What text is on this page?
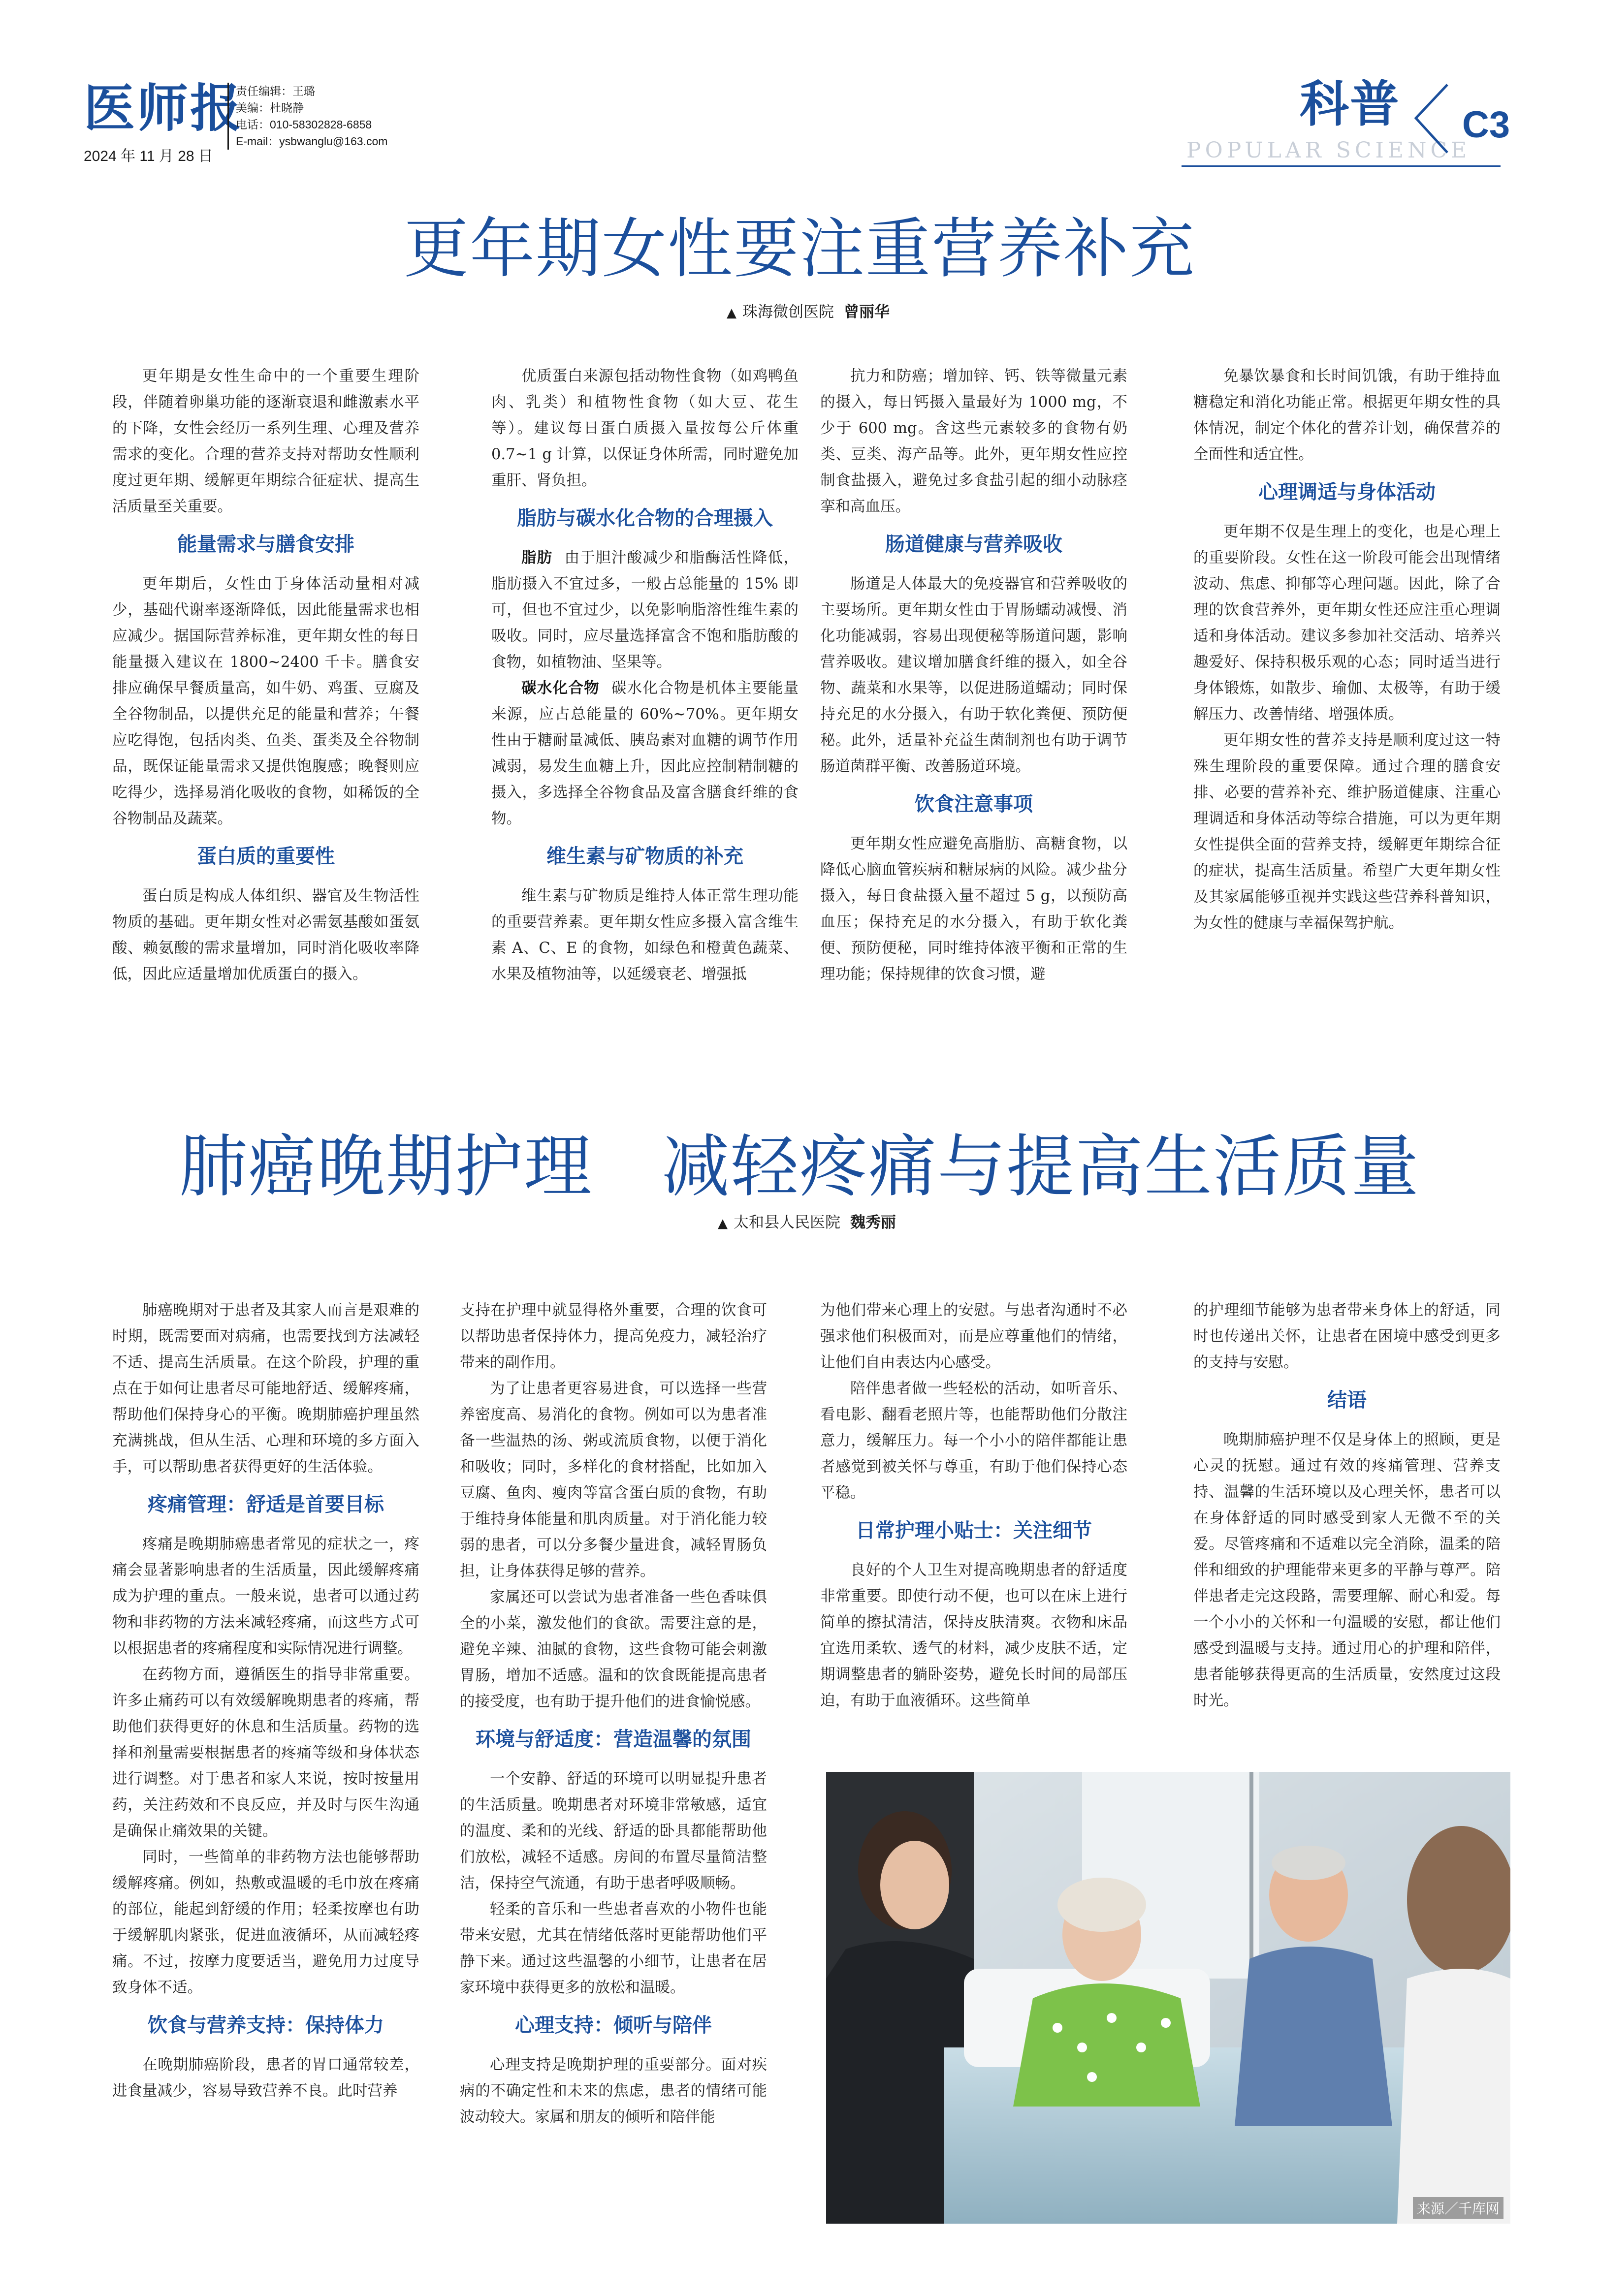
医师报
2024 年 11 月 28 日
责任编辑：王璐
美编：杜晓静
电话：010-58302828-6858
E-mail：ysbwanglu@163.com
科普
POPULAR SCIENCE
C3
更年期女性要注重营养补充
▲ 珠海微创医院 曾丽华

更年期是女性生命中的一个重要生理阶段，伴随着卵巢功能的逐渐衰退和雌激素水平的下降，女性会经历一系列生理、心理及营养需求的变化。合理的营养支持对帮助女性顺利度过更年期、缓解更年期综合征症状、提高生活质量至关重要。

能量需求与膳食安排

更年期后，女性由于身体活动量相对减少，基础代谢率逐渐降低，因此能量需求也相应减少。据国际营养标准，更年期女性的每日能量摄入建议在 1800~2400 千卡。膳食安排应确保早餐质量高，如牛奶、鸡蛋、豆腐及全谷物制品，以提供充足的能量和营养；午餐应吃得饱，包括肉类、鱼类、蛋类及全谷物制品，既保证能量需求又提供饱腹感；晚餐则应吃得少，选择易消化吸收的食物，如稀饭的全谷物制品及蔬菜。

蛋白质的重要性

蛋白质是构成人体组织、器官及生物活性物质的基础。更年期女性对必需氨基酸如蛋氨酸、赖氨酸的需求量增加，同时消化吸收率降低，因此应适量增加优质蛋白的摄入。

优质蛋白来源包括动物性食物（如鸡鸭鱼肉、乳类）和植物性食物（如大豆、花生等）。建议每日蛋白质摄入量按每公斤体重 0.7~1 g 计算，以保证身体所需，同时避免加重肝、肾负担。

脂肪与碳水化合物的合理摄入

脂肪 由于胆汁酸减少和脂酶活性降低，脂肪摄入不宜过多，一般占总能量的 15% 即可，但也不宜过少，以免影响脂溶性维生素的吸收。同时，应尽量选择富含不饱和脂肪酸的食物，如植物油、坚果等。

碳水化合物 碳水化合物是机体主要能量来源，应占总能量的 60%~70%。更年期女性由于糖耐量减低、胰岛素对血糖的调节作用减弱，易发生血糖上升，因此应控制精制糖的摄入，多选择全谷物食品及富含膳食纤维的食物。

维生素与矿物质的补充

维生素与矿物质是维持人体正常生理功能的重要营养素。更年期女性应多摄入富含维生素 A、C、E 的食物，如绿色和橙黄色蔬菜、水果及植物油等，以延缓衰老、增强抵

抗力和防癌；增加锌、钙、铁等微量元素的摄入，每日钙摄入量最好为 1000 mg，不少于 600 mg。含这些元素较多的食物有奶类、豆类、海产品等。此外，更年期女性应控制食盐摄入，避免过多食盐引起的细小动脉痉挛和高血压。

肠道健康与营养吸收

肠道是人体最大的免疫器官和营养吸收的主要场所。更年期女性由于胃肠蠕动减慢、消化功能减弱，容易出现便秘等肠道问题，影响营养吸收。建议增加膳食纤维的摄入，如全谷物、蔬菜和水果等，以促进肠道蠕动；同时保持充足的水分摄入，有助于软化粪便、预防便秘。此外，适量补充益生菌制剂也有助于调节肠道菌群平衡、改善肠道环境。

饮食注意事项

更年期女性应避免高脂肪、高糖食物，以降低心脑血管疾病和糖尿病的风险。减少盐分摄入，每日食盐摄入量不超过 5 g，以预防高血压；保持充足的水分摄入，有助于软化粪便、预防便秘，同时维持体液平衡和正常的生理功能；保持规律的饮食习惯，避

免暴饮暴食和长时间饥饿，有助于维持血糖稳定和消化功能正常。根据更年期女性的具体情况，制定个体化的营养计划，确保营养的全面性和适宜性。

心理调适与身体活动

更年期不仅是生理上的变化，也是心理上的重要阶段。女性在这一阶段可能会出现情绪波动、焦虑、抑郁等心理问题。因此，除了合理的饮食营养外，更年期女性还应注重心理调适和身体活动。建议多参加社交活动、培养兴趣爱好、保持积极乐观的心态；同时适当进行身体锻炼，如散步、瑜伽、太极等，有助于缓解压力、改善情绪、增强体质。

更年期女性的营养支持是顺利度过这一特殊生理阶段的重要保障。通过合理的膳食安排、必要的营养补充、维护肠道健康、注重心理调适和身体活动等综合措施，可以为更年期女性提供全面的营养支持，缓解更年期综合征的症状，提高生活质量。希望广大更年期女性及其家属能够重视并实践这些营养科普知识，为女性的健康与幸福保驾护航。

肺癌晚期护理　减轻疼痛与提高生活质量
▲ 太和县人民医院 魏秀丽

肺癌晚期对于患者及其家人而言是艰难的时期，既需要面对病痛，也需要找到方法减轻不适、提高生活质量。在这个阶段，护理的重点在于如何让患者尽可能地舒适、缓解疼痛，帮助他们保持身心的平衡。晚期肺癌护理虽然充满挑战，但从生活、心理和环境的多方面入手，可以帮助患者获得更好的生活体验。

疼痛管理：舒适是首要目标

疼痛是晚期肺癌患者常见的症状之一，疼痛会显著影响患者的生活质量，因此缓解疼痛成为护理的重点。一般来说，患者可以通过药物和非药物的方法来减轻疼痛，而这些方式可以根据患者的疼痛程度和实际情况进行调整。

在药物方面，遵循医生的指导非常重要。许多止痛药可以有效缓解晚期患者的疼痛，帮助他们获得更好的休息和生活质量。药物的选择和剂量需要根据患者的疼痛等级和身体状态进行调整。对于患者和家人来说，按时按量用药，关注药效和不良反应，并及时与医生沟通是确保止痛效果的关键。

同时，一些简单的非药物方法也能够帮助缓解疼痛。例如，热敷或温暖的毛巾放在疼痛的部位，能起到舒缓的作用；轻柔按摩也有助于缓解肌肉紧张，促进血液循环，从而减轻疼痛。不过，按摩力度要适当，避免用力过度导致身体不适。

饮食与营养支持：保持体力

在晚期肺癌阶段，患者的胃口通常较差，进食量减少，容易导致营养不良。此时营养

支持在护理中就显得格外重要，合理的饮食可以帮助患者保持体力，提高免疫力，减轻治疗带来的副作用。

为了让患者更容易进食，可以选择一些营养密度高、易消化的食物。例如可以为患者准备一些温热的汤、粥或流质食物，以便于消化和吸收；同时，多样化的食材搭配，比如加入豆腐、鱼肉、瘦肉等富含蛋白质的食物，有助于维持身体能量和肌肉质量。对于消化能力较弱的患者，可以分多餐少量进食，减轻胃肠负担，让身体获得足够的营养。

家属还可以尝试为患者准备一些色香味俱全的小菜，激发他们的食欲。需要注意的是，避免辛辣、油腻的食物，这些食物可能会刺激胃肠，增加不适感。温和的饮食既能提高患者的接受度，也有助于提升他们的进食愉悦感。

环境与舒适度：营造温馨的氛围

一个安静、舒适的环境可以明显提升患者的生活质量。晚期患者对环境非常敏感，适宜的温度、柔和的光线、舒适的卧具都能帮助他们放松，减轻不适感。房间的布置尽量简洁整洁，保持空气流通，有助于患者呼吸顺畅。

轻柔的音乐和一些患者喜欢的小物件也能带来安慰，尤其在情绪低落时更能帮助他们平静下来。通过这些温馨的小细节，让患者在居家环境中获得更多的放松和温暖。

心理支持：倾听与陪伴

心理支持是晚期护理的重要部分。面对疾病的不确定性和未来的焦虑，患者的情绪可能波动较大。家属和朋友的倾听和陪伴能

为他们带来心理上的安慰。与患者沟通时不必强求他们积极面对，而是应尊重他们的情绪，让他们自由表达内心感受。

陪伴患者做一些轻松的活动，如听音乐、看电影、翻看老照片等，也能帮助他们分散注意力，缓解压力。每一个小小的陪伴都能让患者感觉到被关怀与尊重，有助于他们保持心态平稳。

日常护理小贴士：关注细节

良好的个人卫生对提高晚期患者的舒适度非常重要。即使行动不便，也可以在床上进行简单的擦拭清洁，保持皮肤清爽。衣物和床品宜选用柔软、透气的材料，减少皮肤不适，定期调整患者的躺卧姿势，避免长时间的局部压迫，有助于血液循环。这些简单

的护理细节能够为患者带来身体上的舒适，同时也传递出关怀，让患者在困境中感受到更多的支持与安慰。

结语

晚期肺癌护理不仅是身体上的照顾，更是心灵的抚慰。通过有效的疼痛管理、营养支持、温馨的生活环境以及心理关怀，患者可以在身体舒适的同时感受到家人无微不至的关爱。尽管疼痛和不适难以完全消除，温柔的陪伴和细致的护理能带来更多的平静与尊严。陪伴患者走完这段路，需要理解、耐心和爱。每一个小小的关怀和一句温暖的安慰，都让他们感受到温暖与支持。通过用心的护理和陪伴，患者能够获得更高的生活质量，安然度过这段时光。

来源／千库网
